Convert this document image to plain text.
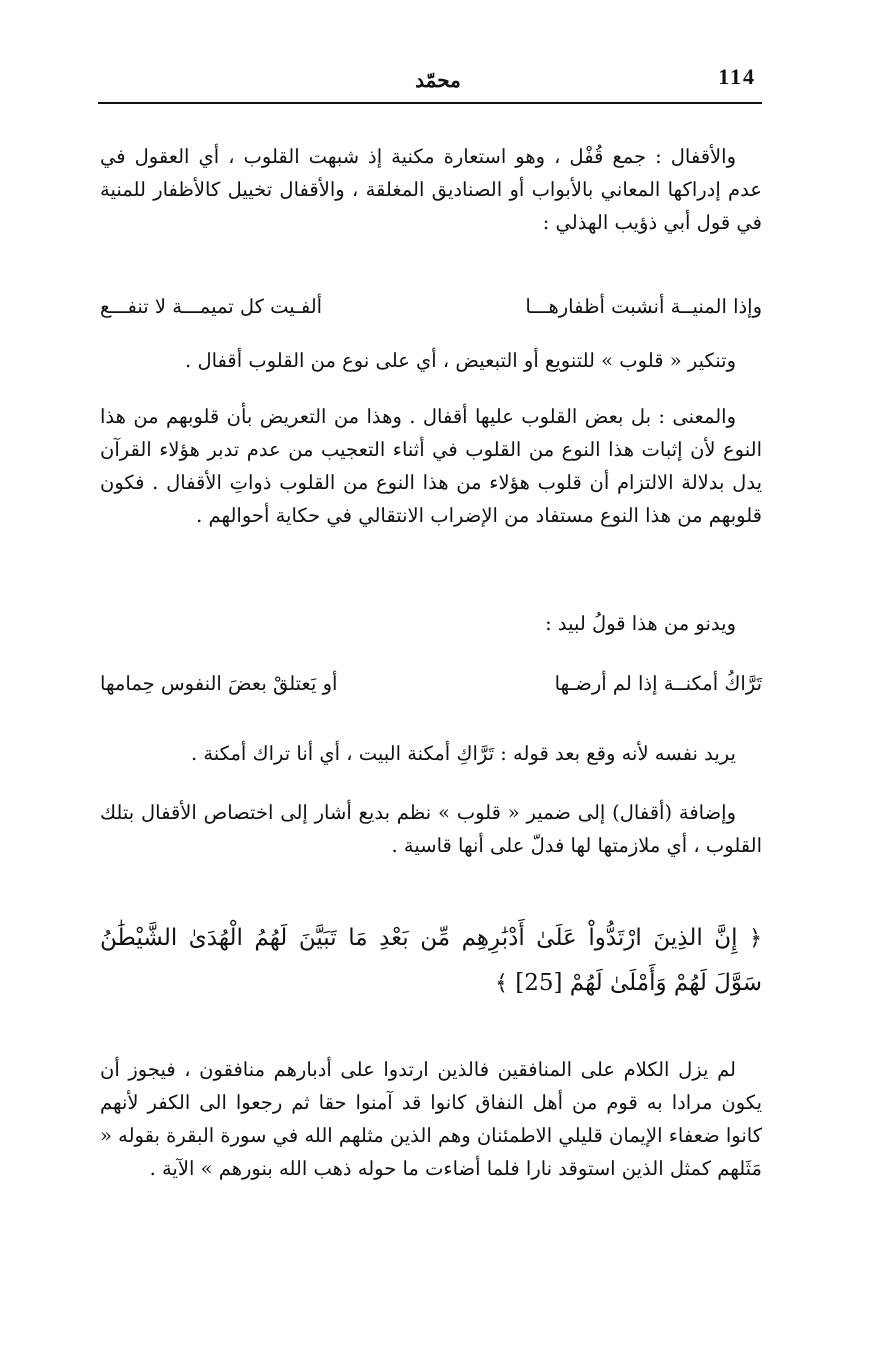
114
محمّد

والأقفال : جمع قُفْل ، وهو استعارة مكنية إذ شبهت القلوب ، أي العقول في عدم إدراكها المعاني بالأبواب أو الصناديق المغلقة ، والأقفال تخييل كالأظفار للمنية في قول أبي ذؤيب الهذلي :

وإذا المنيــة أنشبت أظفارهـــا
ألفـيت كل تميمـــة لا تنفـــع

وتنكير « قلوب » للتنويع أو التبعيض ، أي على نوع من القلوب أقفال .

والمعنى : بل بعض القلوب عليها أقفال . وهذا من التعريض بأن قلوبهم من هذا النوع لأن إثبات هذا النوع من القلوب في أثناء التعجيب من عدم تدبر هؤلاء القرآن يدل بدلالة الالتزام أن قلوب هؤلاء من هذا النوع من القلوب ذواتِ الأقفال . فكون قلوبهم من هذا النوع مستفاد من الإضراب الانتقالي في حكاية أحوالهم .

ويدنو من هذا قولُ لبيد :

تَرَّاكُ أمكنــة إذا لم أرضـها
أو يَعتلقْ بعضَ النفوس حِمامها

يريد نفسه لأنه وقع بعد قوله : تَرَّاكِ أمكنة البيت ، أي أنا تراك أمكنة .

وإضافة (أقفال) إلى ضمير « قلوب » نظم بديع أشار إلى اختصاص الأقفال بتلك القلوب ، أي ملازمتها لها فدلّ على أنها قاسية .

﴿ إِنَّ الذِينَ ارْتَدُّواْ عَلَىٰ أَدْبَٰرِهِم مِّن بَعْدِ مَا تَبَيَّنَ لَهُمُ الْهُدَىٰ الشَّيْطَٰنُ سَوَّلَ لَهُمْ وَأَمْلَىٰ لَهُمْ [25] ﴾

لم يزل الكلام على المنافقين فالذين ارتدوا على أدبارهم منافقون ، فيجوز أن يكون مرادا به قوم من أهل النفاق كانوا قد آمنوا حقا ثم رجعوا الى الكفر لأنهم كانوا ضعفاء الإيمان قليلي الاطمئنان وهم الذين مثلهم الله في سورة البقرة بقوله « مَثَلهم كمثل الذين استوقد نارا فلما أضاءت ما حوله ذهب الله بنورهم » الآية .
